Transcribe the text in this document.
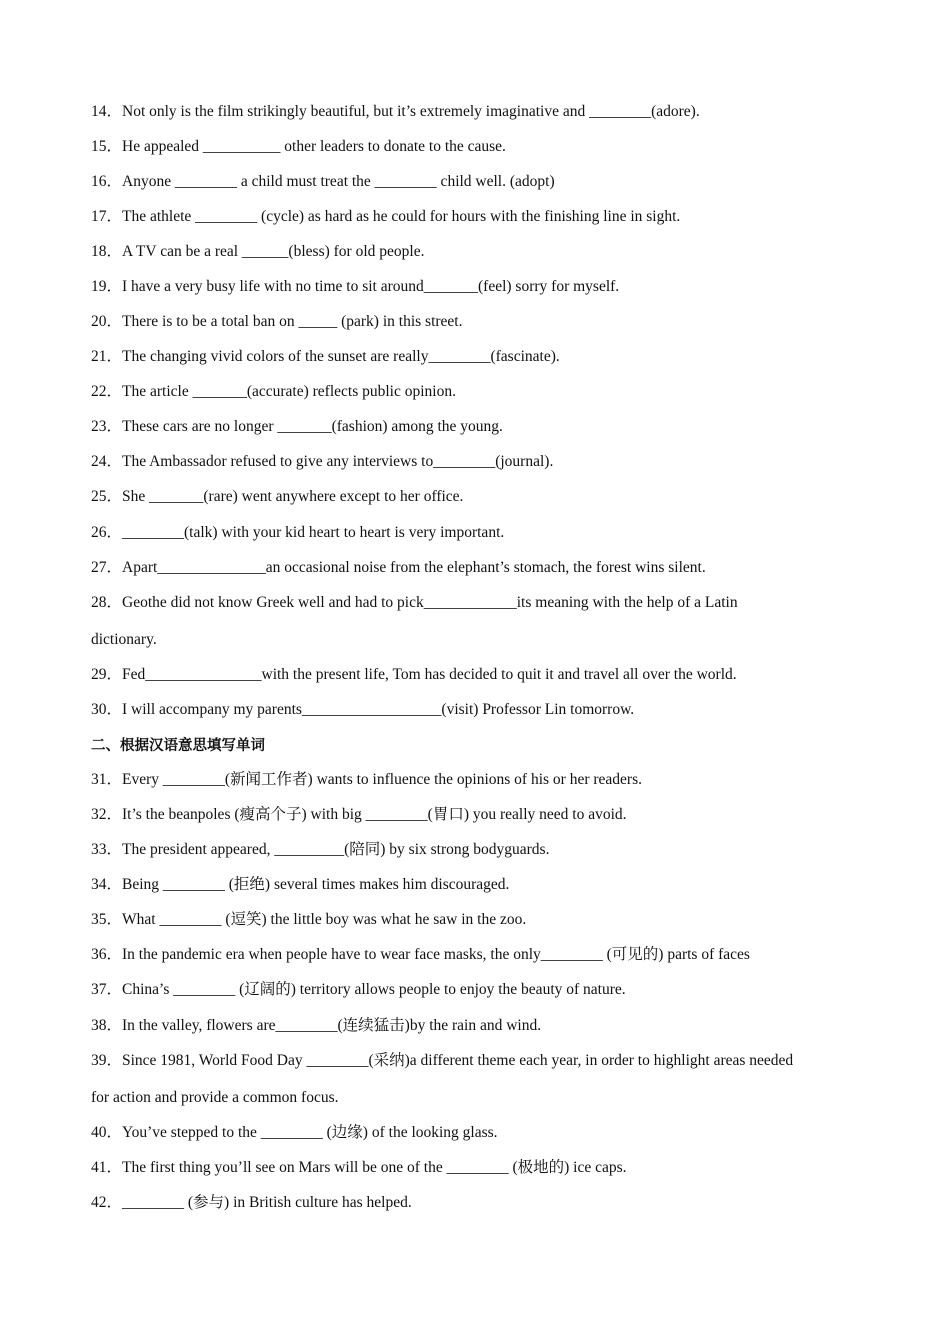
14．Not only is the film strikingly beautiful, but it’s extremely imaginative and ________(adore).
15．He appealed __________ other leaders to donate to the cause.
16．Anyone ________ a child must treat the ________ child well. (adopt)
17．The athlete ________ (cycle) as hard as he could for hours with the finishing line in sight.
18．A TV can be a real ______(bless) for old people.
19．I have a very busy life with no time to sit around_______(feel) sorry for myself.
20．There is to be a total ban on _____ (park) in this street.
21．The changing vivid colors of the sunset are really________(fascinate).
22．The article _______(accurate) reflects public opinion.
23．These cars are no longer _______(fashion) among the young.
24．The Ambassador refused to give any interviews to________(journal).
25．She _______(rare) went anywhere except to her office.
26．________(talk) with your kid heart to heart is very important.
27．Apart______________an occasional noise from the elephant’s stomach, the forest wins silent.
28．Geothe did not know Greek well and had to pick____________its meaning with the help of a Latin
dictionary.
29．Fed_______________with the present life, Tom has decided to quit it and travel all over the world.
30．I will accompany my parents__________________(visit) Professor Lin tomorrow.
二、根据汉语意思填写单词
31．Every ________(新闻工作者) wants to influence the opinions of his or her readers.
32．It’s the beanpoles (瘦高个子) with big ________(胃口) you really need to avoid.
33．The president appeared, _________(陪同) by six strong bodyguards.
34．Being ________ (拒绝) several times makes him discouraged.
35．What ________ (逗笑) the little boy was what he saw in the zoo.
36．In the pandemic era when people have to wear face masks, the only________ (可见的) parts of faces
37．China’s ________ (辽阔的) territory allows people to enjoy the beauty of nature.
38．In the valley, flowers are________(连续猛击)by the rain and wind.
39．Since 1981, World Food Day ________(采纳)a different theme each year, in order to highlight areas needed
for action and provide a common focus.
40．You’ve stepped to the ________ (边缘) of the looking glass.
41．The first thing you’ll see on Mars will be one of the ________ (极地的) ice caps.
42．________ (参与) in British culture has helped.
